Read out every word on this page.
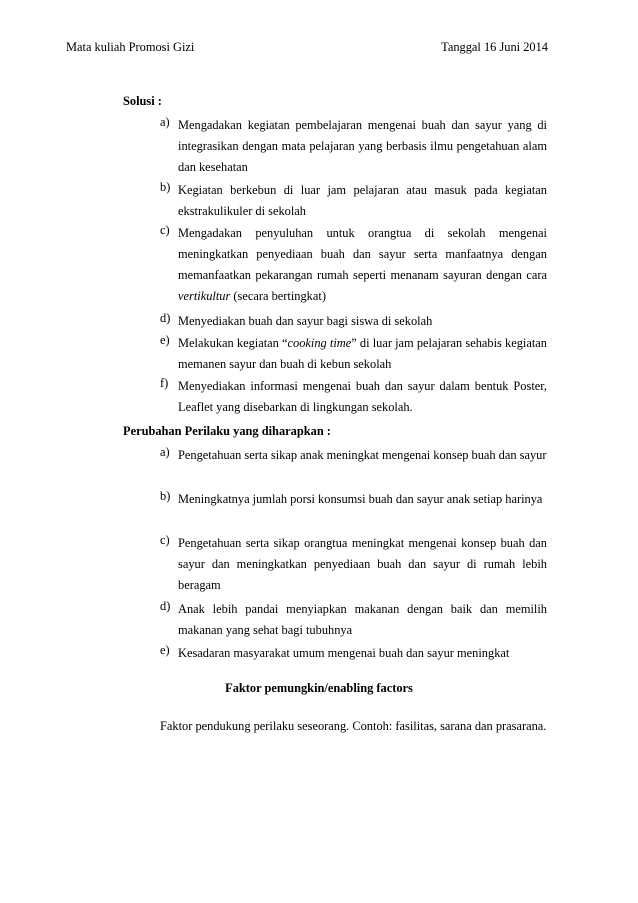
Mata kuliah Promosi Gizi	Tanggal 16 Juni 2014
Solusi :
a) Mengadakan kegiatan pembelajaran mengenai buah dan sayur yang di integrasikan dengan mata pelajaran yang berbasis ilmu pengetahuan alam dan kesehatan
b) Kegiatan berkebun di luar jam pelajaran atau masuk pada kegiatan ekstrakulikuler di sekolah
c) Mengadakan penyuluhan untuk orangtua di sekolah mengenai meningkatkan penyediaan buah dan sayur serta manfaatnya dengan memanfaatkan pekarangan rumah seperti menanam sayuran dengan cara vertikultur (secara bertingkat)
d) Menyediakan buah dan sayur bagi siswa di sekolah
e) Melakukan kegiatan “cooking time” di luar jam pelajaran sehabis kegiatan memanen sayur dan buah di kebun sekolah
f) Menyediakan informasi mengenai buah dan sayur dalam bentuk Poster, Leaflet yang disebarkan di lingkungan sekolah.
Perubahan Perilaku yang diharapkan :
a) Pengetahuan serta sikap anak meningkat mengenai konsep buah dan sayur
b) Meningkatnya jumlah porsi konsumsi buah dan sayur anak setiap harinya
c) Pengetahuan serta sikap orangtua meningkat mengenai konsep buah dan sayur dan meningkatkan penyediaan buah dan sayur di rumah lebih beragam
d) Anak lebih pandai menyiapkan makanan dengan baik dan memilih makanan yang sehat bagi tubuhnya
e) Kesadaran masyarakat umum mengenai buah dan sayur meningkat
Faktor pemungkin/enabling factors
Faktor pendukung perilaku seseorang. Contoh: fasilitas, sarana dan prasarana.
